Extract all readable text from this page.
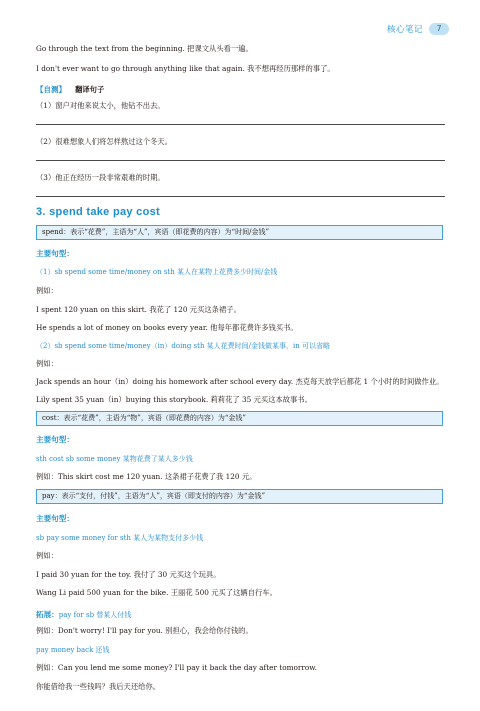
核心笔记	7
Go through the text from the beginning. 把课文从头看一遍。
I don't ever want to go through anything like that again. 我不想再经历那样的事了。
【自测】 翻译句子
（1）窗户对他来说太小，他钻不出去。
（2）很难想象人们将怎样熬过这个冬天。
（3）他正在经历一段非常艰难的时期。
3. spend take pay cost
spend：表示“花费”，主语为“人”，宾语（即花费的内容）为“时间/金钱”
主要句型：
（1）sb spend some time/money on sth 某人在某物上花费多少时间/金钱
例如：
I spent 120 yuan on this skirt. 我花了 120 元买这条裙子。
He spends a lot of money on books every year. 他每年都花费许多钱买书。
（2）sb spend some time/money（in）doing sth 某人花费时间/金钱做某事，in 可以省略
例如：
Jack spends an hour（in）doing his homework after school every day. 杰克每天放学后都花 1 个小时的时间做作业。
Lily spent 35 yuan（in）buying this storybook. 莉莉花了 35 元买这本故事书。
cost：表示“花费”，主语为“物”，宾语（即花费的内容）为“金钱”
主要句型：
sth cost sb some money 某物花费了某人多少钱
例如：This skirt cost me 120 yuan. 这条裙子花费了我 120 元。
pay：表示“支付，付钱”，主语为“人”，宾语（即支付的内容）为“金钱”
主要句型：
sb pay some money for sth 某人为某物支付多少钱
例如：
I paid 30 yuan for the toy. 我付了 30 元买这个玩具。
Wang Li paid 500 yuan for the bike. 王丽花 500 元买了这辆自行车。
拓展：pay for sb 替某人付钱
例如：Don't worry! I'll pay for you. 别担心，我会给你付钱的。
pay money back 还钱
例如：Can you lend me some money? I'll pay it back the day after tomorrow.
你能借给我一些钱吗？我后天还给你。
